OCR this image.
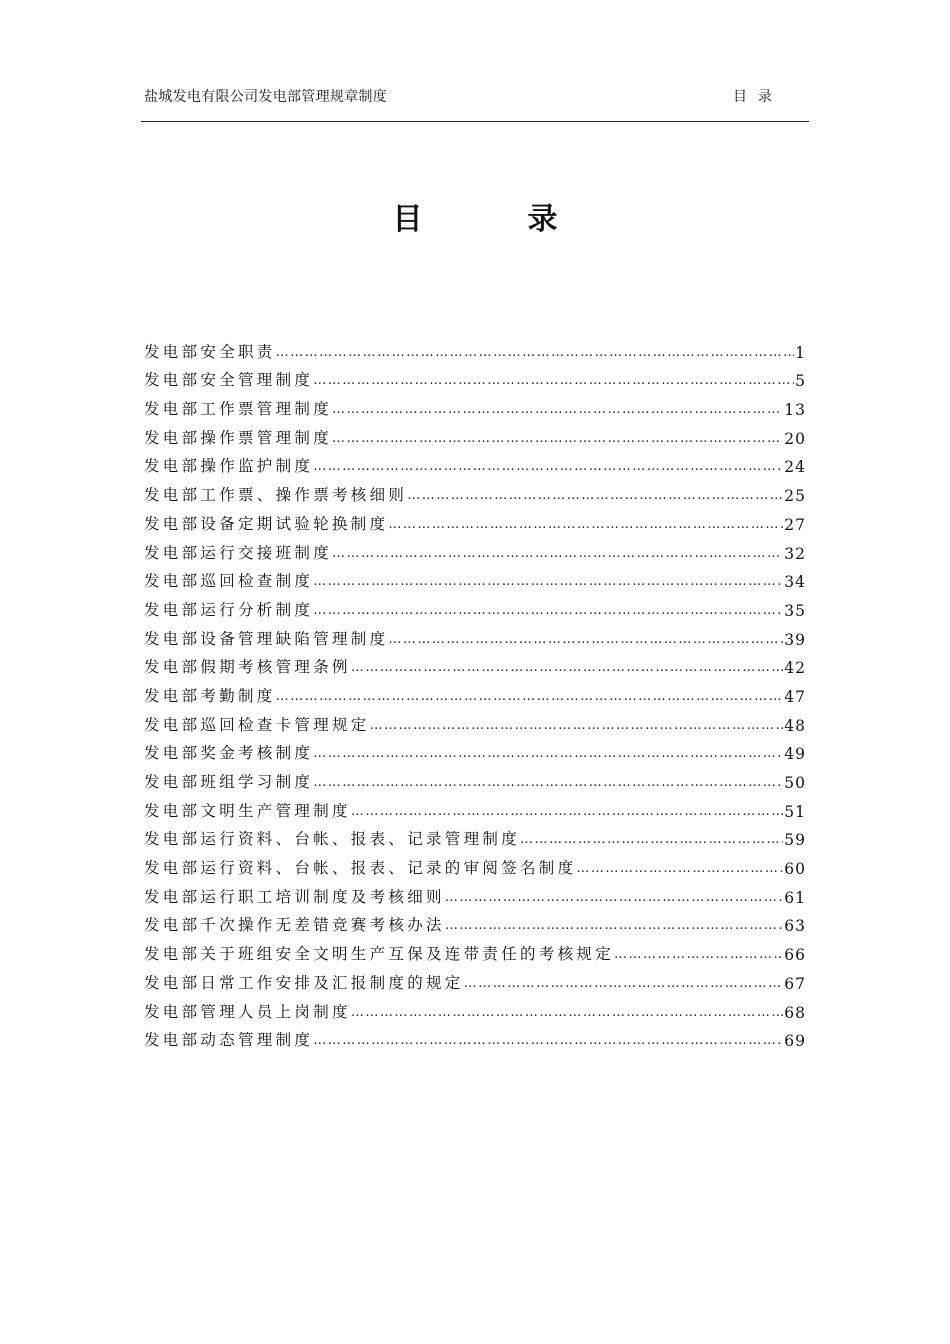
盐城发电有限公司发电部管理规章制度	目录
目	录
发电部安全职责 ……………………………………………………………………………………………………………………………………………………………………	1
发电部安全管理制度 ……………………………………………………………………………………………………………………………………………………………………	5
发电部工作票管理制度 ……………………………………………………………………………………………………………………………………………………………………	13
发电部操作票管理制度 ……………………………………………………………………………………………………………………………………………………………………	20
发电部操作监护制度 ……………………………………………………………………………………………………………………………………………………………………	24
发电部工作票、操作票考核细则 ……………………………………………………………………………………………………………………………………………………………………	25
发电部设备定期试验轮换制度 ……………………………………………………………………………………………………………………………………………………………………	27
发电部运行交接班制度 ……………………………………………………………………………………………………………………………………………………………………	32
发电部巡回检查制度 ……………………………………………………………………………………………………………………………………………………………………	34
发电部运行分析制度 ……………………………………………………………………………………………………………………………………………………………………	35
发电部设备管理缺陷管理制度 ……………………………………………………………………………………………………………………………………………………………………	39
发电部假期考核管理条例 ……………………………………………………………………………………………………………………………………………………………………	42
发电部考勤制度 ……………………………………………………………………………………………………………………………………………………………………	47
发电部巡回检查卡管理规定 ……………………………………………………………………………………………………………………………………………………………………	48
发电部奖金考核制度 ……………………………………………………………………………………………………………………………………………………………………	49
发电部班组学习制度 ……………………………………………………………………………………………………………………………………………………………………	50
发电部文明生产管理制度 ……………………………………………………………………………………………………………………………………………………………………	51
发电部运行资料、台帐、报表、记录管理制度 ……………………………………………………………………………………………………………………………………………………………………	59
发电部运行资料、台帐、报表、记录的审阅签名制度 ……………………………………………………………………………………………………………………………………………………………………	60
发电部运行职工培训制度及考核细则 ……………………………………………………………………………………………………………………………………………………………………	61
发电部千次操作无差错竞赛考核办法 ……………………………………………………………………………………………………………………………………………………………………	63
发电部关于班组安全文明生产互保及连带责任的考核规定 ……………………………………………………………………………………………………………………………………………………………………	66
发电部日常工作安排及汇报制度的规定 ……………………………………………………………………………………………………………………………………………………………………	67
发电部管理人员上岗制度 ……………………………………………………………………………………………………………………………………………………………………	68
发电部动态管理制度 ……………………………………………………………………………………………………………………………………………………………………	69
